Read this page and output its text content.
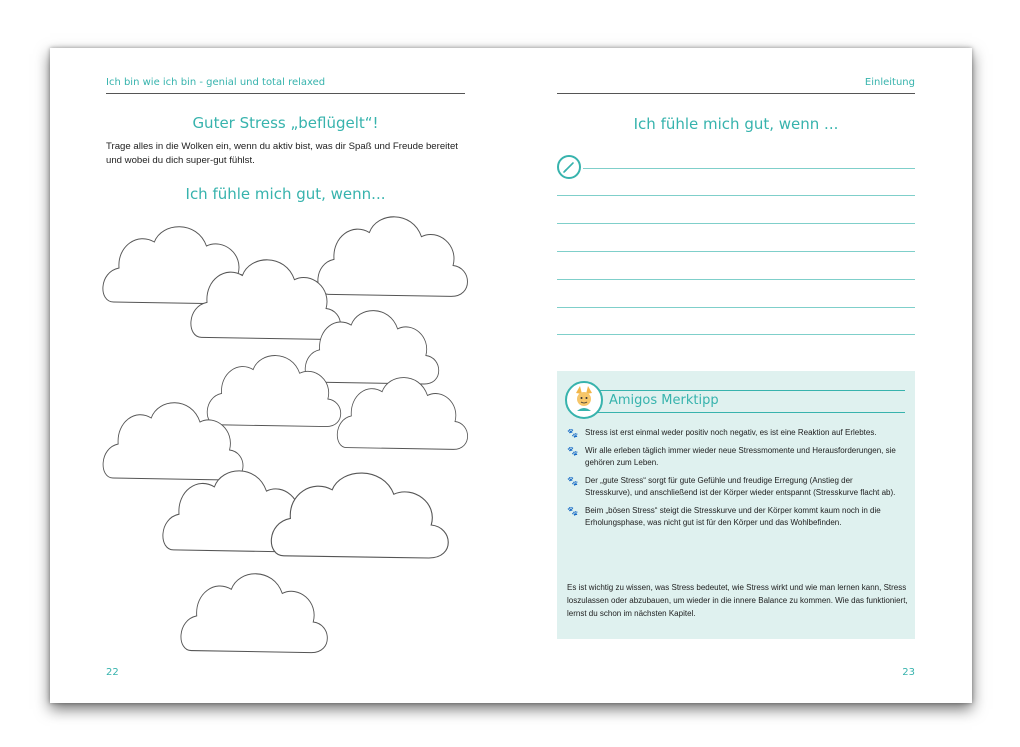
Ich bin wie ich bin - genial und total relaxed
Guter Stress „beflügelt“!
Trage alles in die Wolken ein, wenn du aktiv bist, was dir Spaß und Freude bereitet und wobei du dich super-gut fühlst.
Ich fühle mich gut, wenn...
22
Einleitung
Ich fühle mich gut, wenn ...
Amigos Merktipp
🐾 Stress ist erst einmal weder positiv noch negativ, es ist eine Reaktion auf Erlebtes.
🐾 Wir alle erleben täglich immer wieder neue Stressmomente und Herausforderungen, sie gehören zum Leben.
🐾 Der „gute Stress“ sorgt für gute Gefühle und freudige Erregung (Anstieg der Stresskurve), und anschließend ist der Körper wieder entspannt (Stresskurve flacht ab).
🐾 Beim „bösen Stress“ steigt die Stresskurve und der Körper kommt kaum noch in die Erholungsphase, was nicht gut ist für den Körper und das Wohlbefinden.
Es ist wichtig zu wissen, was Stress bedeutet, wie Stress wirkt und wie man lernen kann, Stress loszulassen oder abzubauen, um wieder in die innere Balance zu kommen. Wie das funktioniert, lernst du schon im nächsten Kapitel.
23
